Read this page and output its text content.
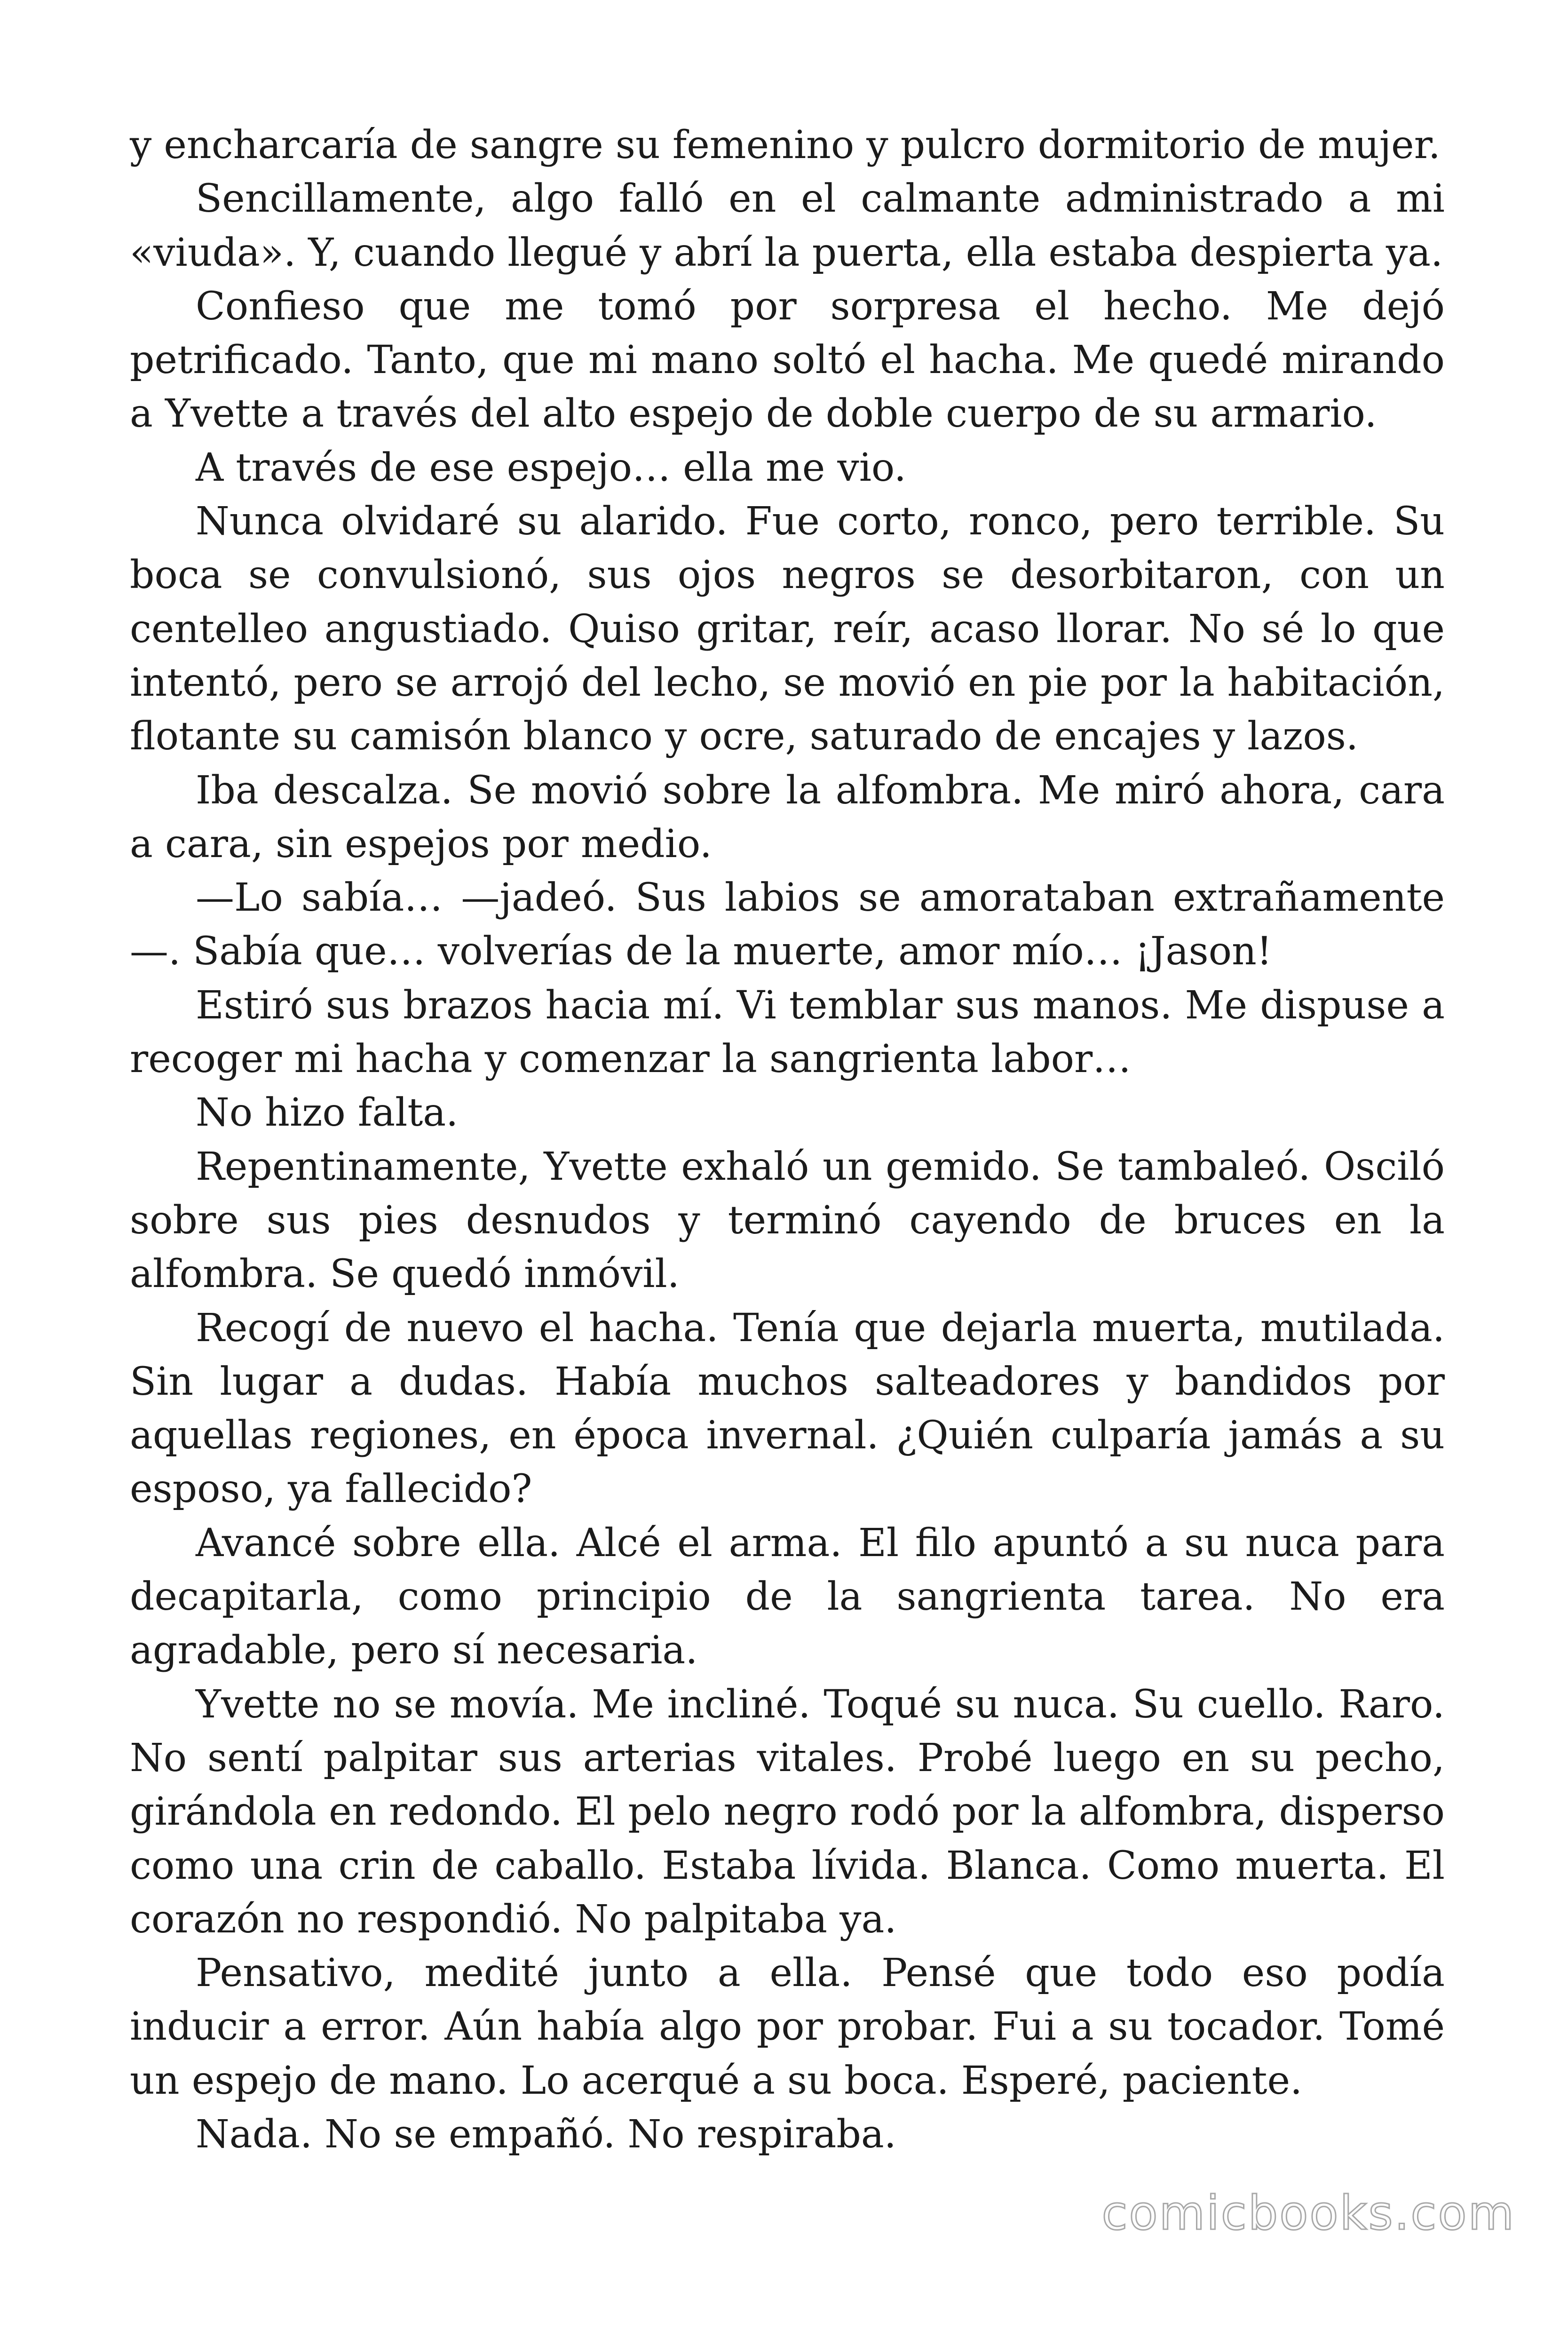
y encharcaría de sangre su femenino y pulcro dormitorio de mujer.

Sencillamente, algo falló en el calmante administrado a mi «viuda». Y, cuando llegué y abrí la puerta, ella estaba despierta ya.

Confieso que me tomó por sorpresa el hecho. Me dejó petrificado. Tanto, que mi mano soltó el hacha. Me quedé mirando a Yvette a través del alto espejo de doble cuerpo de su armario.

A través de ese espejo… ella me vio.

Nunca olvidaré su alarido. Fue corto, ronco, pero terrible. Su boca se convulsionó, sus ojos negros se desorbitaron, con un centelleo angustiado. Quiso gritar, reír, acaso llorar. No sé lo que intentó, pero se arrojó del lecho, se movió en pie por la habitación, flotante su camisón blanco y ocre, saturado de encajes y lazos.

Iba descalza. Se movió sobre la alfombra. Me miró ahora, cara a cara, sin espejos por medio.

—Lo sabía… —jadeó. Sus labios se amorataban extrañamente—. Sabía que… volverías de la muerte, amor mío… ¡Jason!

Estiró sus brazos hacia mí. Vi temblar sus manos. Me dispuse a recoger mi hacha y comenzar la sangrienta labor…

No hizo falta.

Repentinamente, Yvette exhaló un gemido. Se tambaleó. Osciló sobre sus pies desnudos y terminó cayendo de bruces en la alfombra. Se quedó inmóvil.

Recogí de nuevo el hacha. Tenía que dejarla muerta, mutilada. Sin lugar a dudas. Había muchos salteadores y bandidos por aquellas regiones, en época invernal. ¿Quién culparía jamás a su esposo, ya fallecido?

Avancé sobre ella. Alcé el arma. El filo apuntó a su nuca para decapitarla, como principio de la sangrienta tarea. No era agradable, pero sí necesaria.

Yvette no se movía. Me incliné. Toqué su nuca. Su cuello. Raro. No sentí palpitar sus arterias vitales. Probé luego en su pecho, girándola en redondo. El pelo negro rodó por la alfombra, disperso como una crin de caballo. Estaba lívida. Blanca. Como muerta. El corazón no respondió. No palpitaba ya.

Pensativo, medité junto a ella. Pensé que todo eso podía inducir a error. Aún había algo por probar. Fui a su tocador. Tomé un espejo de mano. Lo acerqué a su boca. Esperé, paciente.

Nada. No se empañó. No respiraba.

comicbooks.com
